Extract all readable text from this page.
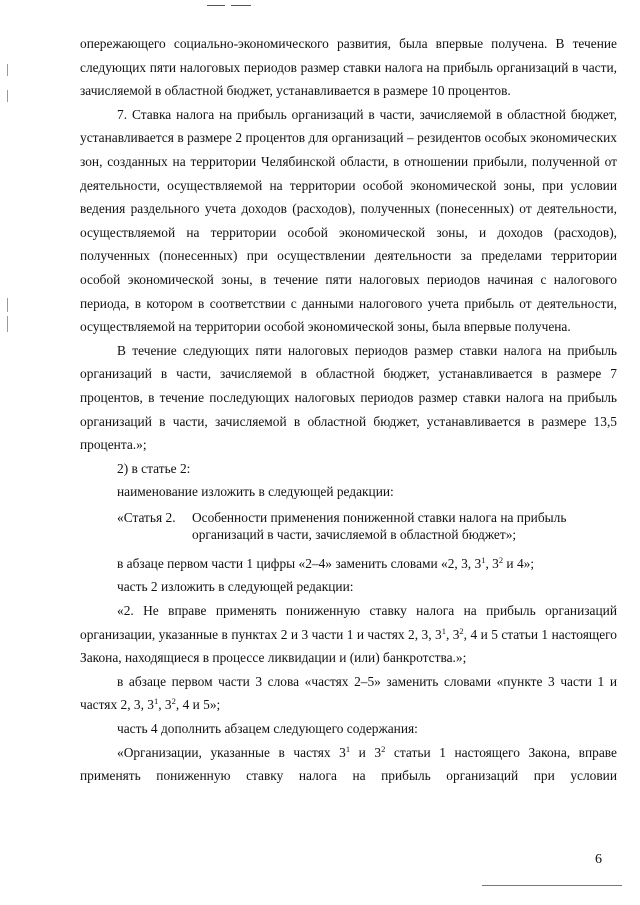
опережающего социально-экономического развития, была впервые получена. В течение следующих пяти налоговых периодов размер ставки налога на прибыль организаций в части, зачисляемой в областной бюджет, устанавливается в размере 10 процентов.

7. Ставка налога на прибыль организаций в части, зачисляемой в областной бюджет, устанавливается в размере 2 процентов для организаций – резидентов особых экономических зон, созданных на территории Челябинской области, в отношении прибыли, полученной от деятельности, осуществляемой на территории особой экономической зоны, при условии ведения раздельного учета доходов (расходов), полученных (понесенных) от деятельности, осуществляемой на территории особой экономической зоны, и доходов (расходов), полученных (понесенных) при осуществлении деятельности за пределами территории особой экономической зоны, в течение пяти налоговых периодов начиная с налогового периода, в котором в соответствии с данными налогового учета прибыль от деятельности, осуществляемой на территории особой экономической зоны, была впервые получена.

В течение следующих пяти налоговых периодов размер ставки налога на прибыль организаций в части, зачисляемой в областной бюджет, устанавливается в размере 7 процентов, в течение последующих налоговых периодов размер ставки налога на прибыль организаций в части, зачисляемой в областной бюджет, устанавливается в размере 13,5 процента.»;

2) в статье 2:

наименование изложить в следующей редакции:

«Статья 2.	Особенности применения пониженной ставки налога на прибыль организаций в части, зачисляемой в областной бюджет»;

в абзаце первом части 1 цифры «2–4» заменить словами «2, 3, $3^1$, $3^2$ и 4»;

часть 2 изложить в следующей редакции:

«2. Не вправе применять пониженную ставку налога на прибыль организаций организации, указанные в пунктах 2 и 3 части 1 и частях 2, 3, $3^1$, $3^2$, 4 и 5 статьи 1 настоящего Закона, находящиеся в процессе ликвидации и (или) банкротства.»;

в абзаце первом части 3 слова «частях 2–5» заменить словами «пункте 3 части 1 и частях 2, 3, $3^1$, $3^2$, 4 и 5»;

часть 4 дополнить абзацем следующего содержания:

«Организации, указанные в частях $3^1$ и $3^2$ статьи 1 настоящего Закона, вправе применять пониженную ставку налога на прибыль организаций при условии

6
